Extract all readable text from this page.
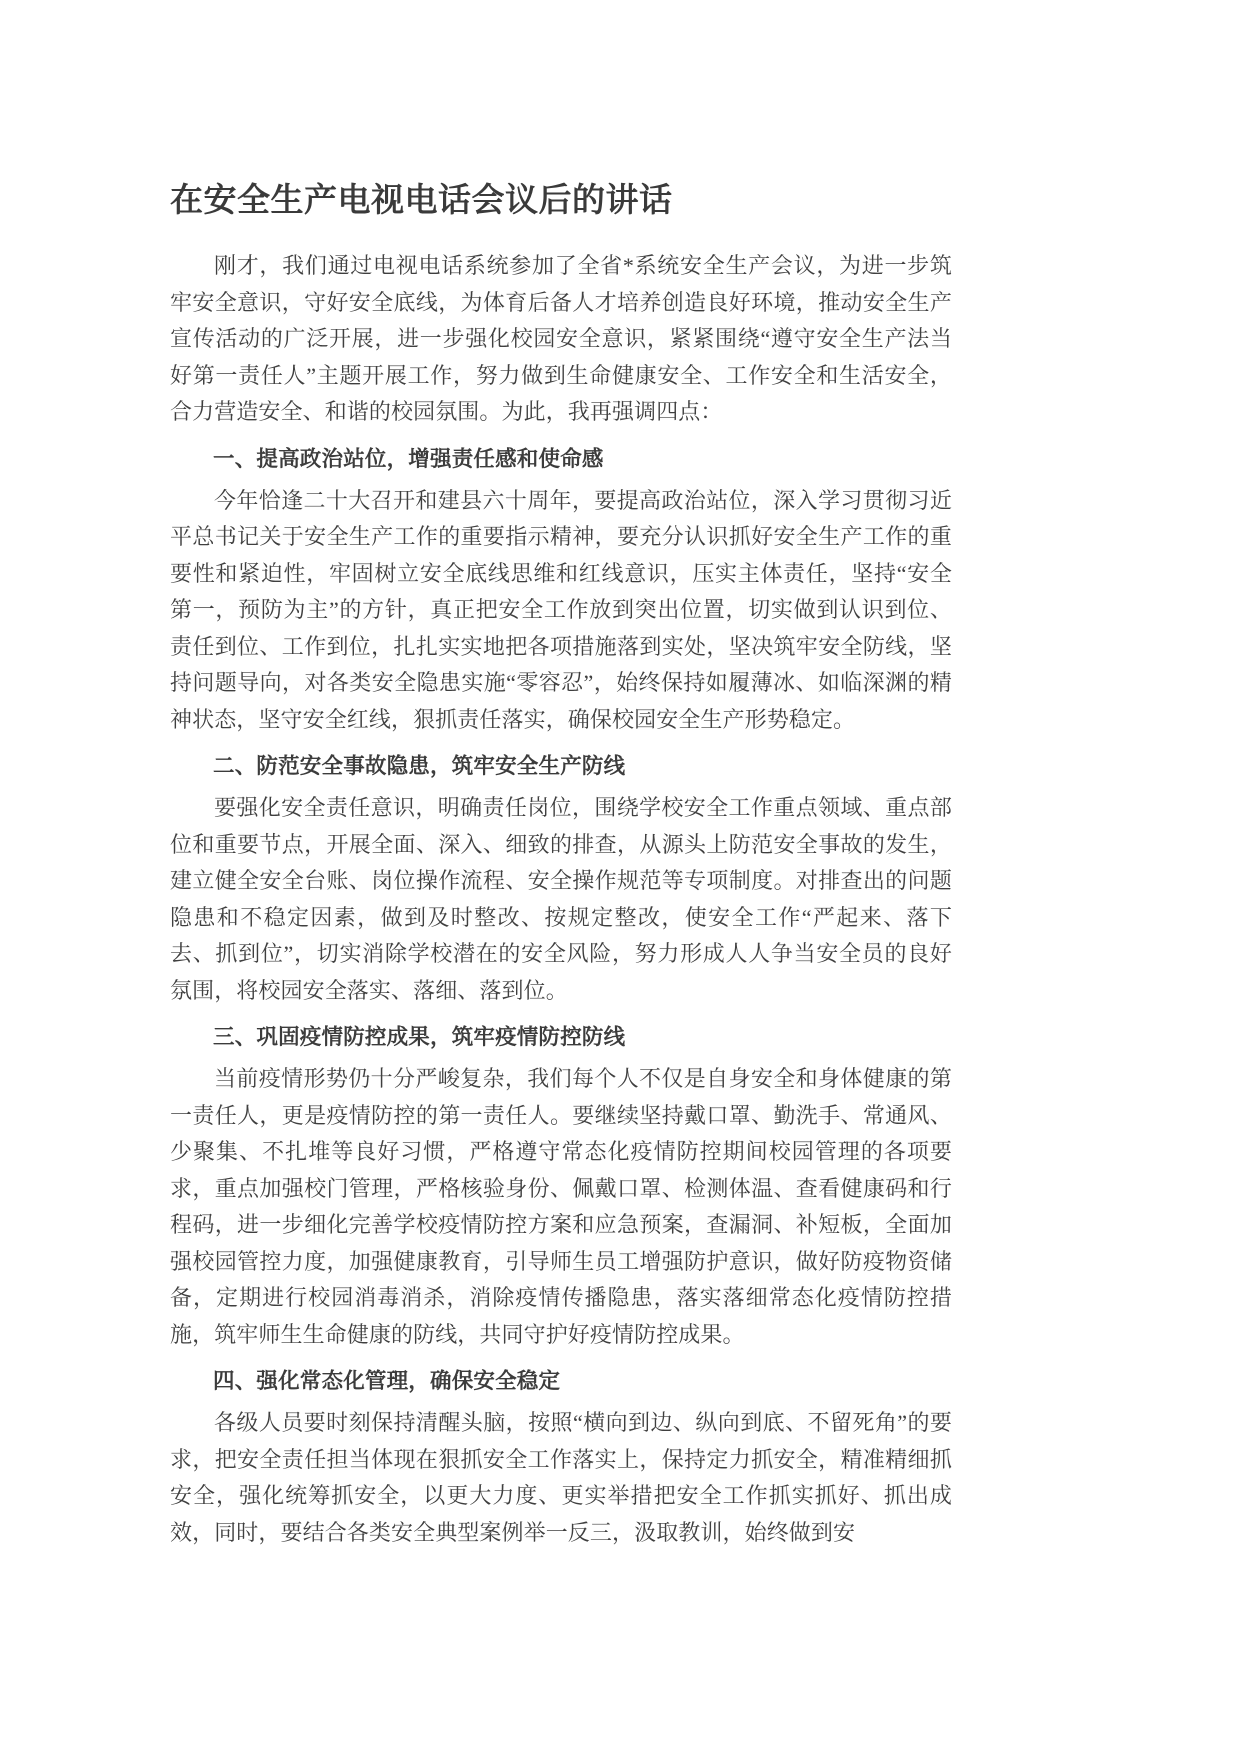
在安全生产电视电话会议后的讲话

刚才，我们通过电视电话系统参加了全省*系统安全生产会议，为进一步筑牢安全意识，守好安全底线，为体育后备人才培养创造良好环境，推动安全生产宣传活动的广泛开展，进一步强化校园安全意识，紧紧围绕“遵守安全生产法当好第一责任人”主题开展工作，努力做到生命健康安全、工作安全和生活安全，合力营造安全、和谐的校园氛围。为此，我再强调四点：

一、提高政治站位，增强责任感和使命感

今年恰逢二十大召开和建县六十周年，要提高政治站位，深入学习贯彻习近平总书记关于安全生产工作的重要指示精神，要充分认识抓好安全生产工作的重要性和紧迫性，牢固树立安全底线思维和红线意识，压实主体责任，坚持“安全第一，预防为主”的方针，真正把安全工作放到突出位置，切实做到认识到位、责任到位、工作到位，扎扎实实地把各项措施落到实处，坚决筑牢安全防线，坚持问题导向，对各类安全隐患实施“零容忍”，始终保持如履薄冰、如临深渊的精神状态，坚守安全红线，狠抓责任落实，确保校园安全生产形势稳定。

二、防范安全事故隐患，筑牢安全生产防线

要强化安全责任意识，明确责任岗位，围绕学校安全工作重点领域、重点部位和重要节点，开展全面、深入、细致的排查，从源头上防范安全事故的发生，建立健全安全台账、岗位操作流程、安全操作规范等专项制度。对排查出的问题隐患和不稳定因素，做到及时整改、按规定整改，使安全工作“严起来、落下去、抓到位”，切实消除学校潜在的安全风险，努力形成人人争当安全员的良好氛围，将校园安全落实、落细、落到位。

三、巩固疫情防控成果，筑牢疫情防控防线

当前疫情形势仍十分严峻复杂，我们每个人不仅是自身安全和身体健康的第一责任人，更是疫情防控的第一责任人。要继续坚持戴口罩、勤洗手、常通风、少聚集、不扎堆等良好习惯，严格遵守常态化疫情防控期间校园管理的各项要求，重点加强校门管理，严格核验身份、佩戴口罩、检测体温、查看健康码和行程码，进一步细化完善学校疫情防控方案和应急预案，查漏洞、补短板，全面加强校园管控力度，加强健康教育，引导师生员工增强防护意识，做好防疫物资储备，定期进行校园消毒消杀，消除疫情传播隐患，落实落细常态化疫情防控措施，筑牢师生生命健康的防线，共同守护好疫情防控成果。

四、强化常态化管理，确保安全稳定

各级人员要时刻保持清醒头脑，按照“横向到边、纵向到底、不留死角”的要求，把安全责任担当体现在狠抓安全工作落实上，保持定力抓安全，精准精细抓安全，强化统筹抓安全，以更大力度、更实举措把安全工作抓实抓好、抓出成效，同时，要结合各类安全典型案例举一反三，汲取教训，始终做到安
